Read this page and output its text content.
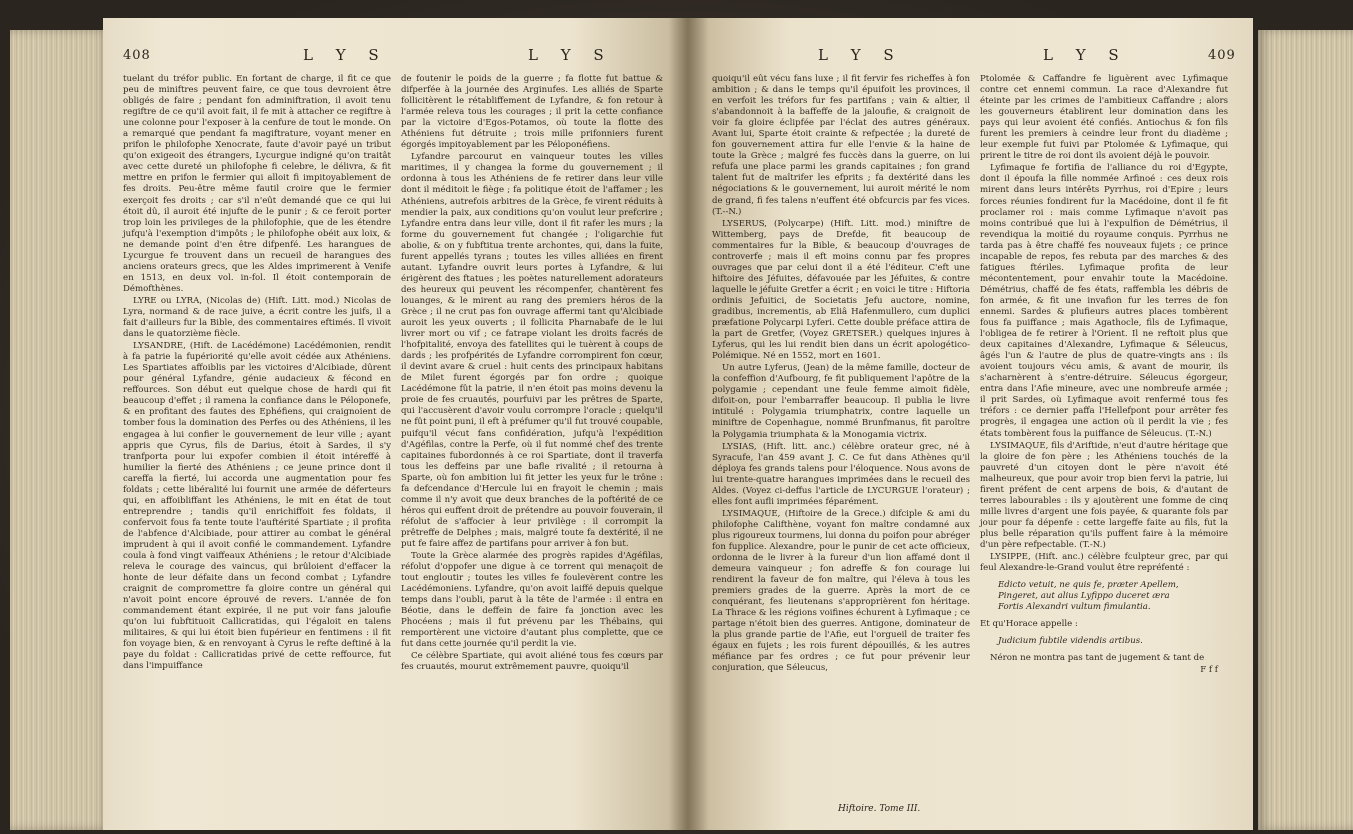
408	L Y S	L Y S

tuelant du tréfor public. En fortant de charge, il fit ce que peu de miniftres peuvent faire, ce que tous devroient être obligés de faire ; pendant fon adminiftration, il avoit tenu regiftre de ce qu'il avoit fait, il fe mit à attacher ce regiftre à une colonne pour l'exposer à la cenfure de tout le monde. On a remarqué que pendant fa magiftrature, voyant mener en prifon le philofophe Xenocrate, faute d'avoir payé un tribut qu'on exigeoit des étrangers, Lycurgue indigné qu'on traitât avec cette dureté un philofophe fi celebre, le délivra, & fit mettre en prifon le fermier qui alloit fi impitoyablement de fes droits. Peu-être même fautil croire que le fermier exerçoit fes droits ; car s'il n'eût demandé que ce qui lui étoit dû, il auroit été injufte de le punir ; & ce feroit porter trop loin les privileges de la philofophie, que de les étendre jufqu'à l'exemption d'impôts ; le philofophe obéit aux loix, & ne demande point d'en être difpenfé. Les harangues de Lycurgue fe trouvent dans un recueil de harangues des anciens orateurs grecs, que les Aldes imprimerent à Venife en 1513, en deux vol. in-fol. Il étoit contemporain de Démofthènes.

LYRE ou LYRA, (Nicolas de) (Hift. Litt. mod.) Nicolas de Lyra, normand & de race juive, a écrit contre les juifs, il a fait d'ailleurs fur la Bible, des commentaires eftimés. Il vivoit dans le quatorzième fiècle.

LYSANDRE, (Hift. de Lacédémone) Lacédémonien, rendit à fa patrie la fupériorité qu'elle avoit cédée aux Athéniens. Les Spartiates affoiblis par les victoires d'Alcibiade, dûrent pour général Lyfandre, génie audacieux & fécond en reffources. Son début eut quelque chose de hardi qui fit beaucoup d'effet ; il ramena la confiance dans le Péloponefe, & en profitant des fautes des Ephéfiens, qui craignoient de tomber fous la domination des Perfes ou des Athéniens, il les engagea à lui confier le gouvernement de leur ville ; ayant appris que Cyrus, fils de Darius, étoit à Sardes, il s'y tranfporta pour lui expofer combien il étoit intéreffé à humilier la fierté des Athéniens ; ce jeune prince dont il careffa la fierté, lui accorda une augmentation pour fes foldats ; cette libéralité lui fournit une armée de déferteurs qui, en affoibliffant les Athéniens, le mit en état de tout entreprendre ; tandis qu'il enrichiffoit fes foldats, il confervoit fous fa tente toute l'auftérité Spartiate ; il profita de l'abfence d'Alcibiade, pour attirer au combat le général imprudent à qui il avoit confié le commandement. Lyfandre coula à fond vingt vaiffeaux Athéniens ; le retour d'Alcibiade releva le courage des vaincus, qui brûloient d'effacer la honte de leur défaite dans un fecond combat ; Lyfandre craignit de compromettre fa gloire contre un général qui n'avoit point encore éprouvé de revers. L'année de fon commandement étant expirée, il ne put voir fans jaloufie qu'on lui fubftituoit Callicratidas, qui l'égaloit en talens militaires, & qui lui étoit bien fupérieur en fentimens : il fit fon voyage bien, & en renvoyant à Cyrus le refte deftiné à la paye du foldat : Callicratidas privé de cette reffource, fut dans l'impuiffance

de foutenir le poids de la guerre ; fa flotte fut battue & difperfée à la journée des Arginufes. Les alliés de Sparte follicitèrent le rétabliffement de Lyfandre, & fon retour à l'armée releva tous les courages ; il prit la cette confiance par la victoire d'Egos-Potamos, où toute la flotte des Athéniens fut détruite ; trois mille prifonniers furent égorgés impitoyablement par les Péloponéfiens.

Lyfandre parcourut en vainqueur toutes les villes maritimes, il y changea la forme du gouvernement ; il ordonna à tous les Athéniens de fe retirer dans leur ville dont il méditoit le fiège ; fa politique étoit de l'affamer ; les Athéniens, autrefois arbitres de la Grèce, fe virent réduits à mendier la paix, aux conditions qu'on voulut leur prefcrire ; Lyfandre entra dans leur ville, dont il fit rafer les murs ; la forme du gouvernement fut changée ; l'oligarchie fut abolie, & on y fubftitua trente archontes, qui, dans la fuite, furent appellés tyrans ; toutes les villes alliées en firent autant. Lyfandre ouvrit leurs portes à Lyfandre, & lui érigèrent des ftatues ; les poètes naturellement adorateurs des heureux qui peuvent les récompenfer, chantèrent fes louanges, & le mirent au rang des premiers héros de la Grèce ; il ne crut pas fon ouvrage affermi tant qu'Alcibiade auroit les yeux ouverts ; il follicita Pharnabafe de le lui livrer mort ou vif ; ce fatrape violant les droits facrés de l'hofpitalité, envoya des fatellites qui le tuèrent à coups de dards ; les profpérités de Lyfandre corrompirent fon cœur, il devint avare & cruel : huit cents des principaux habitans de Milet furent égorgés par fon ordre ; quoique Lacédémone fût la patrie, il n'en étoit pas moins devenu la proie de fes cruautés, pourfuivi par les prêtres de Sparte, qui l'accusèrent d'avoir voulu corrompre l'oracle ; quelqu'il ne fût point puni, il eft à préfumer qu'il fut trouvé coupable, puifqu'il vécut fans confidération, jufqu'à l'expédition d'Agéfilas, contre la Perfe, où il fut nommé chef des trente capitaines fubordonnés à ce roi Spartiate, dont il traverfa tous les deffeins par une bafle rivalité ; il retourna à Sparte, où fon ambition lui fit jetter les yeux fur le trône : fa defcendance d'Hercule lui en frayoit le chemin ; mais comme il n'y avoit que deux branches de la poftérité de ce héros qui euffent droit de prétendre au pouvoir fouverain, il réfolut de s'affocier à leur privilège : il corrompit la prêtreffe de Delphes ; mais, malgré toute fa dextérité, il ne put fe faire affez de partifans pour arriver à fon but.

Toute la Grèce alarmée des progrès rapides d'Agéfilas, réfolut d'oppofer une digue à ce torrent qui menaçoit de tout engloutir ; toutes les villes fe foulevèrent contre les Lacédémoniens. Lyfandre, qu'on avoit laiffé depuis quelque temps dans l'oubli, parut à la tête de l'armée : il entra en Béotie, dans le deffein de faire fa jonction avec les Phocéens ; mais il fut prévenu par les Thébains, qui remportèrent une victoire d'autant plus complette, que ce fut dans cette journée qu'il perdit la vie.

Ce célèbre Spartiate, qui avoit aliéné tous fes cœurs par fes cruautés, mourut extrêmement pauvre, quoiqu'il

L Y S	L Y S	409

quoiqu'il eût vécu fans luxe ; il fit fervir fes richeffes à fon ambition ; & dans le temps qu'il épuifoit les provinces, il en verfoit les tréfors fur fes partifans ; vain & altier, il s'abandonnoit à la baffeffe de la jaloufie, & craignoit de voir fa gloire éclipfée par l'éclat des autres généraux. Avant lui, Sparte étoit crainte & refpectée ; la dureté de fon gouvernement attira fur elle l'envie & la haine de toute la Grèce ; malgré fes fuccès dans la guerre, on lui refufa une place parmi les grands capitaines ; fon grand talent fut de maîtrifer les efprits ; fa dextérité dans les négociations & le gouvernement, lui auroit mérité le nom de grand, fi fes talens n'euffent été obfcurcis par fes vices. (T.--N.)

LYSERUS, (Polycarpe) (Hift. Litt. mod.) miniftre de Wittemberg, pays de Drefde, fit beaucoup de commentaires fur la Bible, & beaucoup d'ouvrages de controverfe ; mais il eft moins connu par fes propres ouvrages que par celui dont il a été l'éditeur. C'eft une hiftoire des Jéfuites, défavouée par les Jéfuites, & contre laquelle le jéfuite Gretfer a écrit ; en voici le titre : Hiftoria ordinis Jefuitici, de Societatis Jefu auctore, nomine, gradibus, incrementis, ab Eliâ Hafenmullero, cum duplici præfatione Polycarpi Lyferi. Cette double préface attira de la part de Gretfer, (Voyez GRETSER.) quelques injures à Lyferus, qui les lui rendit bien dans un écrit apologético-Polémique. Né en 1552, mort en 1601.

Un autre Lyferus, (Jean) de la même famille, docteur de la confeffion d'Aufbourg, fe fit publiquement l'apôtre de la polygamie ; cependant une feule femme aimoit fidèle, difoit-on, pour l'embarraffer beaucoup. Il publia le livre intitulé : Polygamia triumphatrix, contre laquelle un miniftre de Copenhague, nommé Brunfmanus, fit paroître la Polygamia triumphata & la Monogamia victrix.

LYSIAS, (Hift. litt. anc.) célèbre orateur grec, né à Syracufe, l'an 459 avant J. C. Ce fut dans Athènes qu'il déploya fes grands talens pour l'éloquence. Nous avons de lui trente-quatre harangues imprimées dans le recueil des Aldes. (Voyez ci-deffus l'article de LYCURGUE l'orateur) ; elles font aufli imprimées féparément.

LYSIMAQUE, (Hiftoire de la Grece.) difciple & ami du philofophe Califthène, voyant fon maître condamné aux plus rigoureux tourmens, lui donna du poifon pour abréger fon fupplice. Alexandre, pour le punir de cet acte officieux, ordonna de le livrer à la fureur d'un lion affamé dont il demeura vainqueur ; fon adreffe & fon courage lui rendirent la faveur de fon maître, qui l'éleva à tous les premiers grades de la guerre. Après la mort de ce conquérant, fes lieutenans s'approprièrent fon héritage. La Thrace & les régions voifines échurent à Lyfimaque ; ce partage n'étoit bien des guerres. Antigone, dominateur de la plus grande partie de l'Afie, eut l'orgueil de traiter fes égaux en fujets ; les rois furent dépouillés, & les autres méfiance par fes ordres ; ce fut pour prévenir leur conjuration, que Séleucus,

Hiftoire. Tome III.

Ptolomée & Caffandre fe liguèrent avec Lyfimaque contre cet ennemi commun. La race d'Alexandre fut éteinte par les crimes de l'ambitieux Caffandre ; alors les gouverneurs établirent leur domination dans les pays qui leur avoient été confiés. Antiochus & fon fils furent les premiers à ceindre leur front du diadème ; leur exemple fut fuivi par Ptolomée & Lyfimaque, qui prirent le titre de roi dont ils avoient déjà le pouvoir.

Lyfimaque fe fortifia de l'alliance du roi d'Egypte, dont il époufa la fille nommée Arfinoé : ces deux rois mirent dans leurs intérêts Pyrrhus, roi d'Epire ; leurs forces réunies fondirent fur la Macédoine, dont il fe fit proclamer roi : mais comme Lyfimaque n'avoit pas moins contribué que lui à l'expulfion de Démétrius, il revendiqua la moitié du royaume conquis. Pyrrhus ne tarda pas à être chaffé fes nouveaux fujets ; ce prince incapable de repos, fes rebuta par des marches & des fatigues ftériles. Lyfimaque profita de leur mécontentement, pour envahir toute la Macédoine. Démétrius, chaffé de fes états, raffembla les débris de fon armée, & fit une invafion fur les terres de fon ennemi. Sardes & plufieurs autres places tombèrent fous fa puiffance ; mais Agathocle, fils de Lyfimaque, l'obligea de fe retirer à l'Orient. Il ne reftoit plus que deux capitaines d'Alexandre, Lyfimaque & Séleucus, âgés l'un & l'autre de plus de quatre-vingts ans : ils avoient toujours vécu amis, & avant de mourir, ils s'acharnèrent à s'entre-détruire. Séleucus égorgeur, entra dans l'Afie mineure, avec une nombreufe armée ; il prit Sardes, où Lyfimaque avoit renfermé tous fes tréfors : ce dernier paffa l'Hellefpont pour arrêter fes progrès, il engagea une action où il perdit la vie ; fes états tombèrent fous la puiffance de Séleucus. (T.-N.)

LYSIMAQUE, fils d'Ariftide, n'eut d'autre héritage que la gloire de fon père ; les Athéniens touchés de la pauvreté d'un citoyen dont le père n'avoit été malheureux, que pour avoir trop bien fervi la patrie, lui firent préfent de cent arpens de bois, & d'autant de terres labourables : ils y ajoutèrent une fomme de cinq mille livres d'argent une fois payée, & quarante fols par jour pour fa dépenfe : cette largeffe faite au fils, fut la plus belle réparation qu'ils puffent faire à la mémoire d'un père refpectable. (T.-N.)

LYSIPPE, (Hift. anc.) célèbre fculpteur grec, par qui feul Alexandre-le-Grand voulut être repréfenté :

Edicto vetuit, ne quis fe, præter Apellem,
Pingeret, aut alius Lyfippo duceret æra
Fortis Alexandri vultum fimulantia.

Et qu'Horace appelle :

Judicium fubtile videndis artibus.

Néron ne montra pas tant de jugement & tant de

F f f
